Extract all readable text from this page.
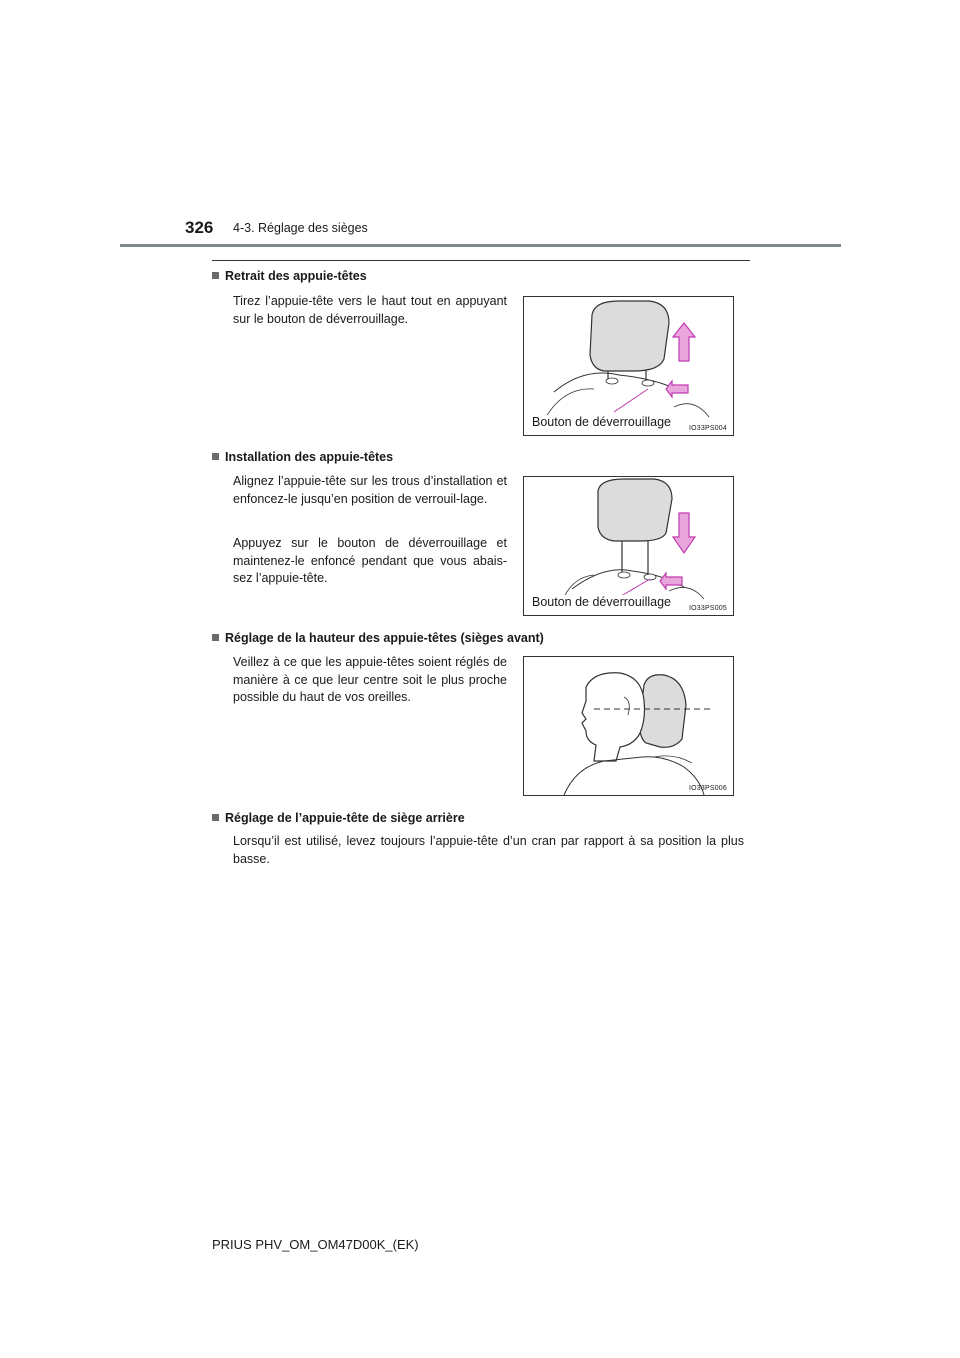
326 4-3. Réglage des sièges
Retrait des appuie-têtes
Tirez l’appuie-tête vers le haut tout en appuyant sur le bouton de déverrouillage.
Bouton de déverrouillage	IO33PS004
Installation des appuie-têtes
Alignez l’appuie-tête sur les trous d’installation et enfoncez-le jusqu’en position de verrouil-lage.
Appuyez sur le bouton de déverrouillage et maintenez-le enfoncé pendant que vous abais-sez l’appuie-tête.
Bouton de déverrouillage	IO33PS005
Réglage de la hauteur des appuie-têtes (sièges avant)
Veillez à ce que les appuie-têtes soient réglés de manière à ce que leur centre soit le plus proche possible du haut de vos oreilles.
IO33PS006
Réglage de l’appuie-tête de siège arrière
Lorsqu’il est utilisé, levez toujours l’appuie-tête d’un cran par rapport à sa position la plus basse.
PRIUS PHV_OM_OM47D00K_(EK)
